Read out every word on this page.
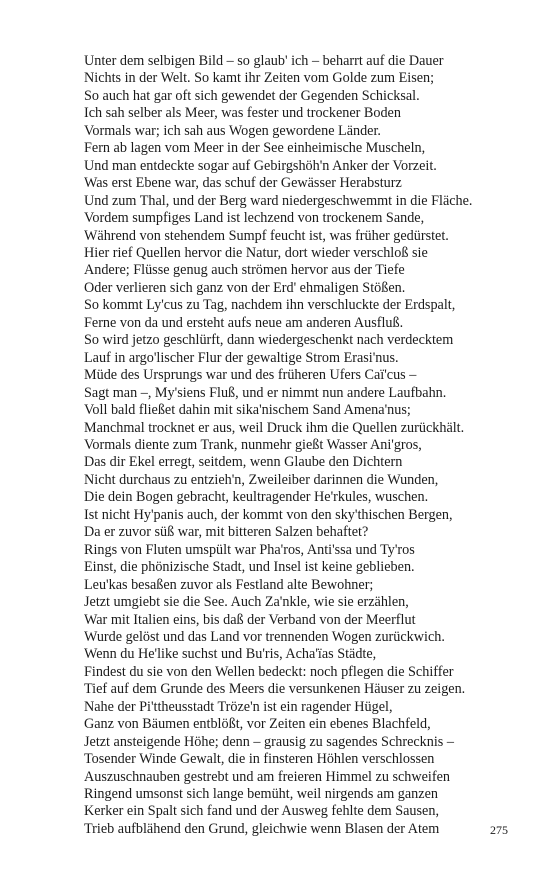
Unter dem selbigen Bild – so glaub' ich – beharrt auf die Dauer
Nichts in der Welt. So kamt ihr Zeiten vom Golde zum Eisen;
So auch hat gar oft sich gewendet der Gegenden Schicksal.
Ich sah selber als Meer, was fester und trockener Boden
Vormals war; ich sah aus Wogen gewordene Länder.
Fern ab lagen vom Meer in der See einheimische Muscheln,
Und man entdeckte sogar auf Gebirgshöh'n Anker der Vorzeit.
Was erst Ebene war, das schuf der Gewässer Herabsturz
Und zum Thal, und der Berg ward niedergeschwemmt in die Fläche.
Vordem sumpfiges Land ist lechzend von trockenem Sande,
Während von stehendem Sumpf feucht ist, was früher gedürstet.
Hier rief Quellen hervor die Natur, dort wieder verschloß sie
Andere; Flüsse genug auch strömen hervor aus der Tiefe
Oder verlieren sich ganz von der Erd' ehmaligen Stößen.
So kommt Ly'cus zu Tag, nachdem ihn verschluckte der Erdspalt,
Ferne von da und ersteht aufs neue am anderen Ausfluß.
So wird jetzo geschlürft, dann wiedergeschenkt nach verdecktem
Lauf in argo'lischer Flur der gewaltige Strom Erasi'nus.
Müde des Ursprungs war und des früheren Ufers Caï'cus –
Sagt man –, My'siens Fluß, und er nimmt nun andere Laufbahn.
Voll bald fließet dahin mit sika'nischem Sand Amena'nus;
Manchmal trocknet er aus, weil Druck ihm die Quellen zurückhält.
Vormals diente zum Trank, nunmehr gießt Wasser Ani'gros,
Das dir Ekel erregt, seitdem, wenn Glaube den Dichtern
Nicht durchaus zu entzieh'n, Zweileiber darinnen die Wunden,
Die dein Bogen gebracht, keultragender He'rkules, wuschen.
Ist nicht Hy'panis auch, der kommt von den sky'thischen Bergen,
Da er zuvor süß war, mit bitteren Salzen behaftet?
Rings von Fluten umspült war Pha'ros, Anti'ssa und Ty'ros
Einst, die phönizische Stadt, und Insel ist keine geblieben.
Leu'kas besaßen zuvor als Festland alte Bewohner;
Jetzt umgiebt sie die See. Auch Za'nkle, wie sie erzählen,
War mit Italien eins, bis daß der Verband von der Meerflut
Wurde gelöst und das Land vor trennenden Wogen zurückwich.
Wenn du He'like suchst und Bu'ris, Acha'ïas Städte,
Findest du sie von den Wellen bedeckt: noch pflegen die Schiffer
Tief auf dem Grunde des Meers die versunkenen Häuser zu zeigen.
Nahe der Pi'ttheusstadt Tröze'n ist ein ragender Hügel,
Ganz von Bäumen entblößt, vor Zeiten ein ebenes Blachfeld,
Jetzt ansteigende Höhe; denn – grausig zu sagendes Schrecknis –
Tosender Winde Gewalt, die in finsteren Höhlen verschlossen
Auszuschnauben gestrebt und am freieren Himmel zu schweifen
Ringend umsonst sich lange bemüht, weil nirgends am ganzen
Kerker ein Spalt sich fand und der Ausweg fehlte dem Sausen,
Trieb aufblähend den Grund, gleichwie wenn Blasen der Atem	275
